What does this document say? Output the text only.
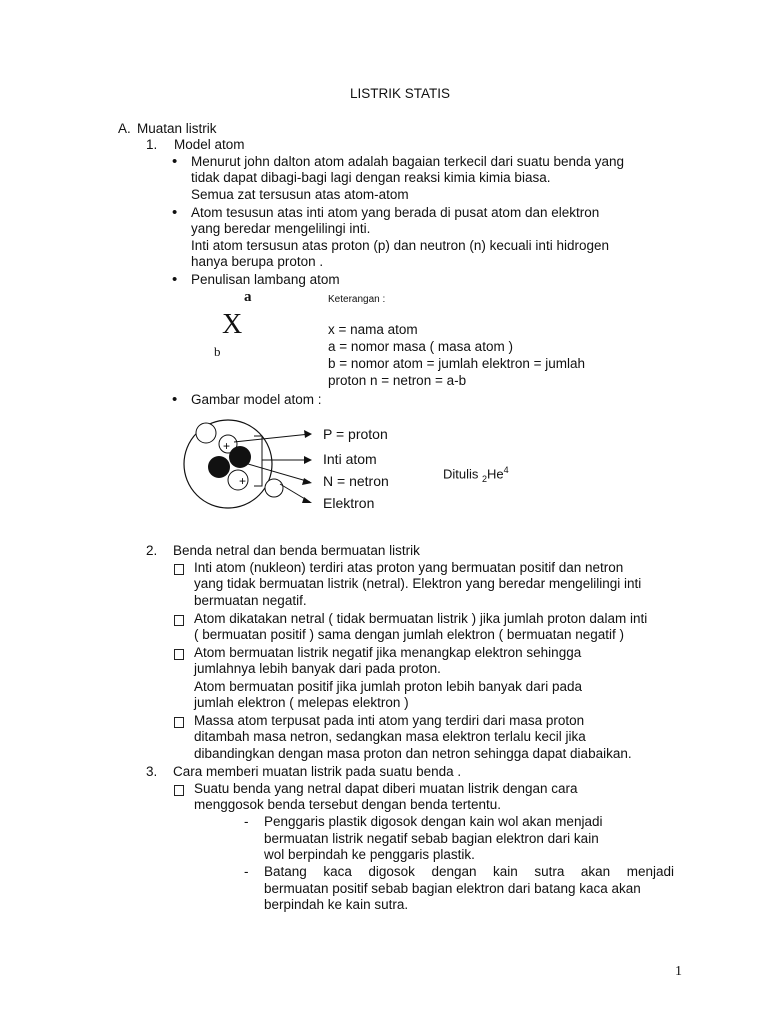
LISTRIK STATIS
A. Muatan listrik
1. Model atom
• Menurut john dalton atom adalah bagaian terkecil dari suatu benda yang
tidak dapat dibagi-bagi lagi dengan reaksi kimia kimia biasa.
Semua zat tersusun atas atom-atom
• Atom tesusun atas inti atom yang berada di pusat atom dan elektron
yang beredar mengelilingi inti.
Inti atom tersusun atas proton (p) dan neutron (n) kecuali inti hidrogen
hanya berupa proton .
• Penulisan lambang atom
a
X
b
Keterangan :
x = nama atom
a = nomor masa ( masa atom )
b = nomor atom = jumlah elektron = jumlah
proton n = netron = a-b
• Gambar model atom :
+
+
P = proton
Inti atom
N = netron
Elektron
Ditulis $_2He^4$
2. Benda netral dan benda bermuatan listrik
Inti atom (nukleon) terdiri atas proton yang bermuatan positif dan netron
yang tidak bermuatan listrik (netral). Elektron yang beredar mengelilingi inti
bermuatan negatif.
Atom dikatakan netral ( tidak bermuatan listrik ) jika jumlah proton dalam inti
( bermuatan positif ) sama dengan jumlah elektron ( bermuatan negatif )
Atom bermuatan listrik negatif jika menangkap elektron sehingga
jumlahnya lebih banyak dari pada proton.
Atom bermuatan positif jika jumlah proton lebih banyak dari pada
jumlah elektron ( melepas elektron )
Massa atom terpusat pada inti atom yang terdiri dari masa proton
ditambah masa netron, sedangkan masa elektron terlalu kecil jika
dibandingkan dengan masa proton dan netron sehingga dapat diabaikan.
3. Cara memberi muatan listrik pada suatu benda .
Suatu benda yang netral dapat diberi muatan listrik dengan cara
menggosok benda tersebut dengan benda tertentu.
- Penggaris plastik digosok dengan kain wol akan menjadi
bermuatan listrik negatif sebab bagian elektron dari kain
wol berpindah ke penggaris plastik.
- Batang kaca digosok dengan kain sutra akan menjadi
bermuatan positif sebab bagian elektron dari batang kaca akan
berpindah ke kain sutra.
1
